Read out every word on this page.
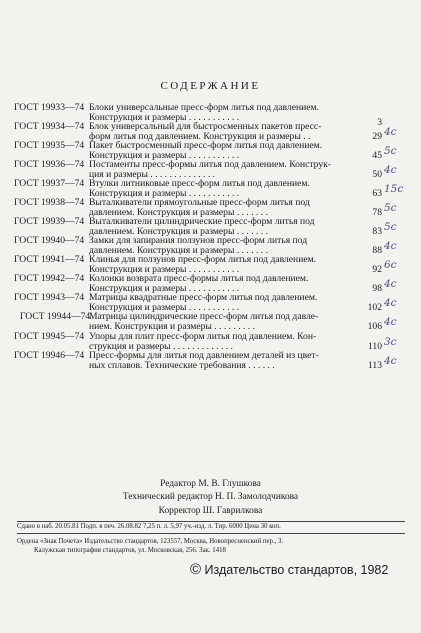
СОДЕРЖАНИЕ
ГОСТ 19933—74 Блоки универсальные пресс-форм литья под давлением.
Конструкция и размеры . . . . . . . . . . .	3
ГОСТ 19934—74 Блок универсальный для быстросменных пакетов пресс-
форм литья под давлением. Конструкция и размеры . .	29 4с
ГОСТ 19935—74 Пакет быстросменный пресс-форм литья под давлением.
Конструкция и размеры . . . . . . . . . . .	45 5с
ГОСТ 19936—74 Постаменты пресс-формы литья под давлением. Конструк-
ция и размеры . . . . . . . . . . . . . .	50 4с
ГОСТ 19937—74 Втулки литниковые пресс-форм литья под давлением.
Конструкция и размеры . . . . . . . . . . .	63 15с
ГОСТ 19938—74 Выталкиватели прямоугольные пресс-форм литья под
давлением. Конструкция и размеры . . . . . . .	78 5с
ГОСТ 19939—74 Выталкиватели цилиндрические пресс-форм литья под
давлением. Конструкция и размеры . . . . . . .	83 5с
ГОСТ 19940—74 Замки для запирания ползунов пресс-форм литья под
давлением. Конструкция и размеры . . . . . . .	88 4с
ГОСТ 19941—74 Клинья для ползунов пресс-форм литья под давлением.
Конструкция и размеры . . . . . . . . . . .	92 6с
ГОСТ 19942—74 Колонки возврата пресс-формы литья под давлением.
Конструкция и размеры . . . . . . . . . . .	98 4с
ГОСТ 19943—74 Матрицы квадратные пресс-форм литья под давлением.
Конструкция и размеры . . . . . . . . . . .	102 4с
ГОСТ 19944—74
Матрицы цилиндрические пресс-форм литья под давле-
нием. Конструкция и размеры . . . . . . . . .	106 4с
ГОСТ 19945—74 Упоры для плит пресс-форм литья под давлением. Кон-
струкция и размеры . . . . . . . . . . . . .	110 3с
ГОСТ 19946—74 Пресс-формы для литья под давлением деталей из цвет-
ных сплавов. Технические требования . . . . . .	113 4с
Редактор М. В. Глушкова
Технический редактор Н. П. Замолодчикова
Корректор Ш. Гаврилкова
Сдано в наб. 20.05.81 Подп. в печ. 26.08.82 7,25 п. л. 5,97 уч.-изд. л. Тир. 6000 Цена 30 коп.
Ордена «Знак Почета» Издательство стандартов, 123557, Москва, Новопресненский пер., 3.
Калужская типография стандартов, ул. Московская, 256. Зак. 1418
© Издательство стандартов, 1982
